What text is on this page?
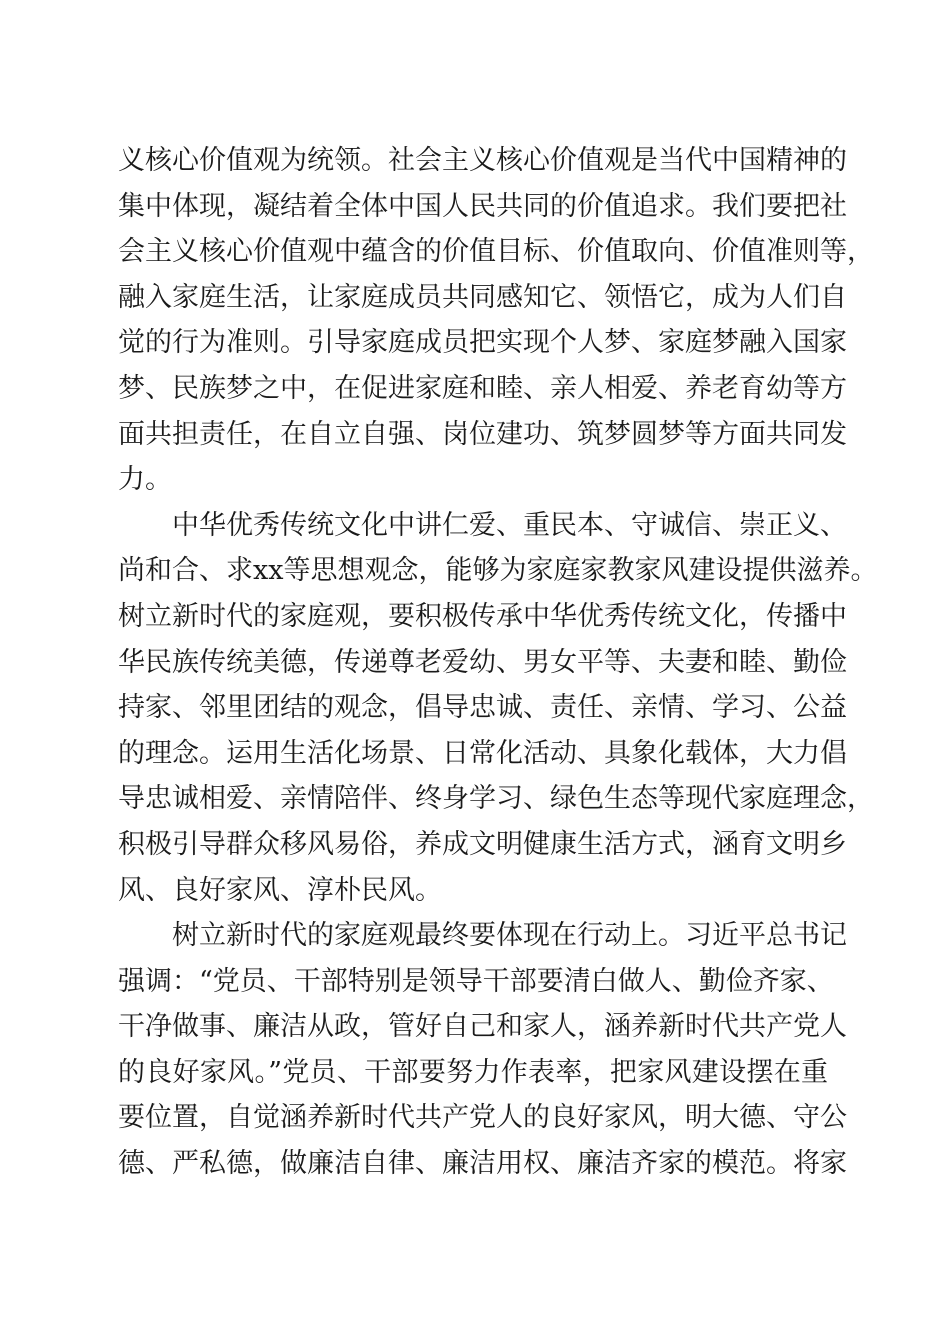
义核心价值观为统领。社会主义核心价值观是当代中国精神的
集中体现，凝结着全体中国人民共同的价值追求。我们要把社
会主义核心价值观中蕴含的价值目标、价值取向、价值准则等，
融入家庭生活，让家庭成员共同感知它、领悟它，成为人们自
觉的行为准则。引导家庭成员把实现个人梦、家庭梦融入国家
梦、民族梦之中，在促进家庭和睦、亲人相爱、养老育幼等方
面共担责任，在自立自强、岗位建功、筑梦圆梦等方面共同发
力。
　　中华优秀传统文化中讲仁爱、重民本、守诚信、崇正义、
尚和合、求xx等思想观念，能够为家庭家教家风建设提供滋养。
树立新时代的家庭观，要积极传承中华优秀传统文化，传播中
华民族传统美德，传递尊老爱幼、男女平等、夫妻和睦、勤俭
持家、邻里团结的观念，倡导忠诚、责任、亲情、学习、公益
的理念。运用生活化场景、日常化活动、具象化载体，大力倡
导忠诚相爱、亲情陪伴、终身学习、绿色生态等现代家庭理念，
积极引导群众移风易俗，养成文明健康生活方式，涵育文明乡
风、良好家风、淳朴民风。
　　树立新时代的家庭观最终要体现在行动上。习近平总书记
强调：“党员、干部特别是领导干部要清白做人、勤俭齐家、
干净做事、廉洁从政，管好自己和家人，涵养新时代共产党人
的良好家风。”党员、干部要努力作表率，把家风建设摆在重
要位置，自觉涵养新时代共产党人的良好家风，明大德、守公
德、严私德，做廉洁自律、廉洁用权、廉洁齐家的模范。将家
